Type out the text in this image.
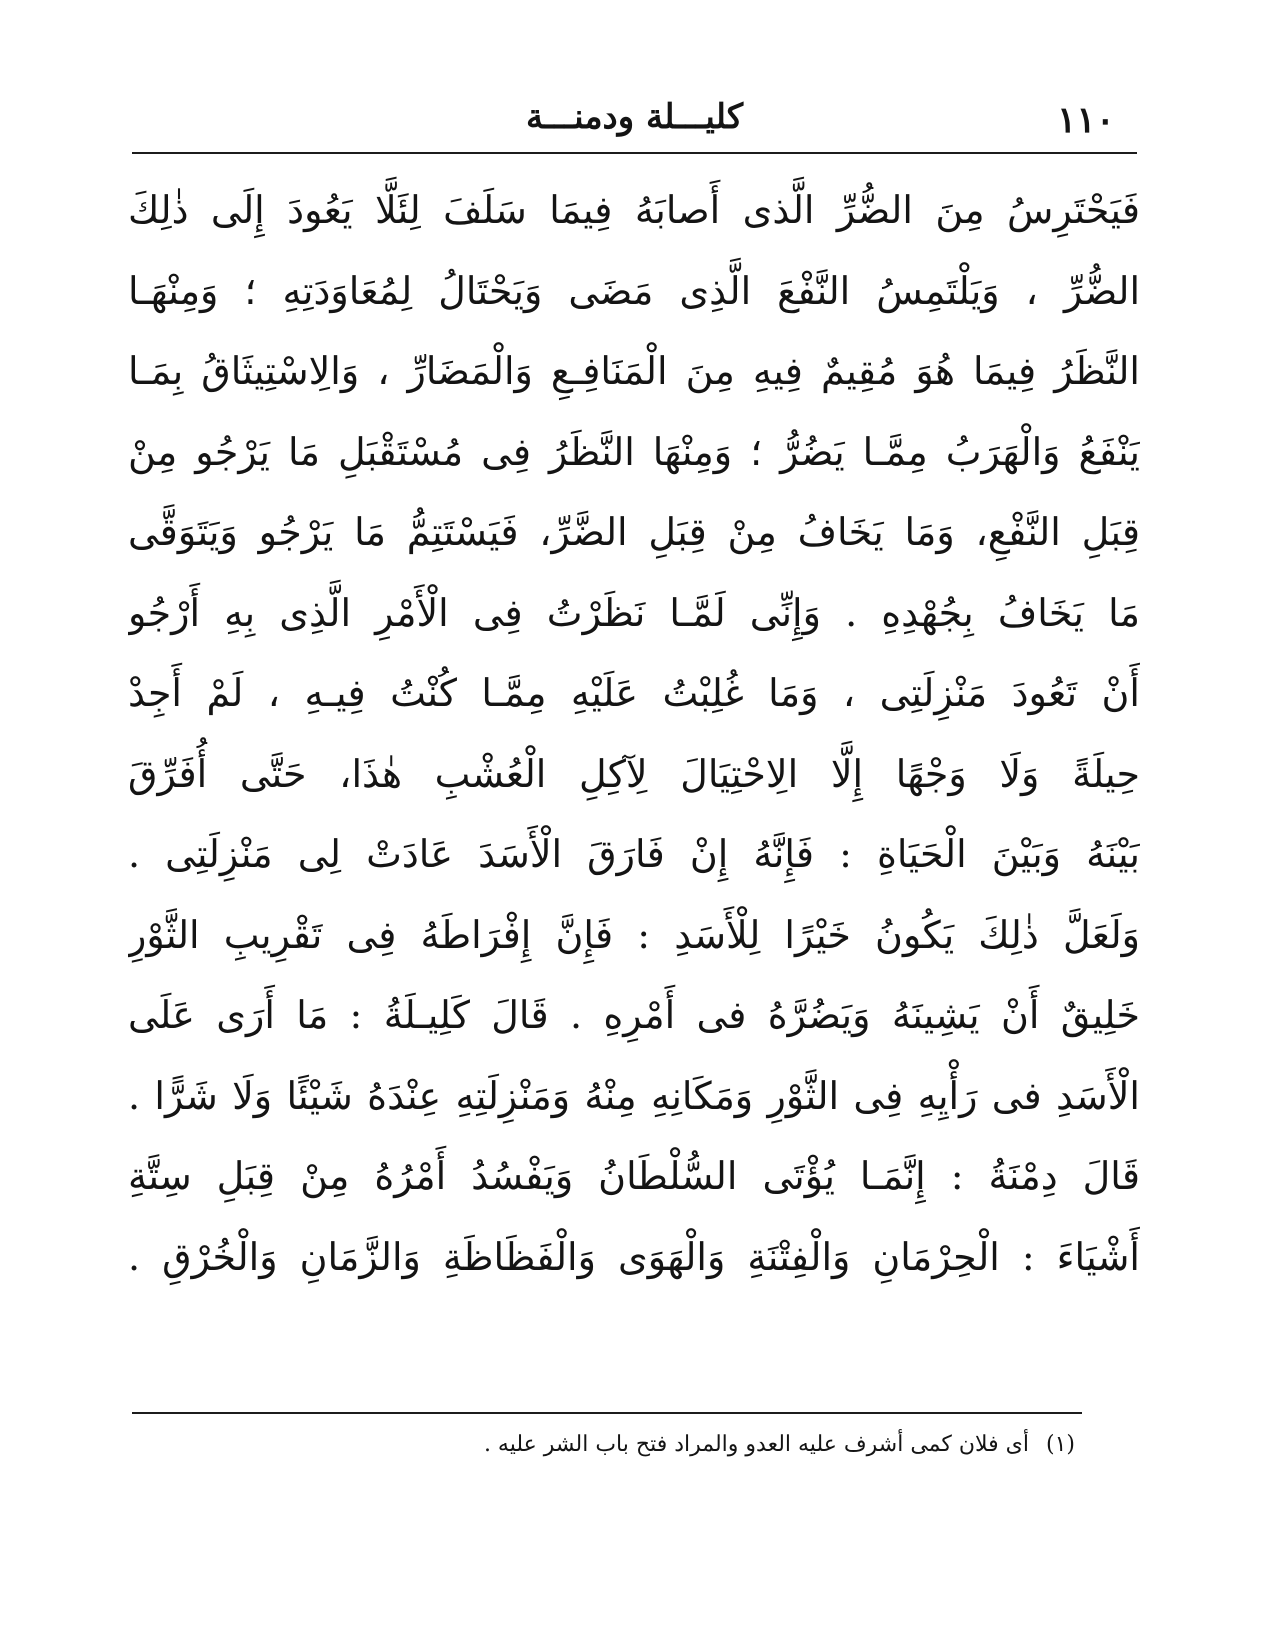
١١٠
كليـــلة ودمنـــة
فَيَحْتَرِسُ مِنَ الضُّرِّ الَّذى أَصابَهُ فِيمَا سَلَفَ لِئَلَّا يَعُودَ إِلَى ذٰلِكَ
الضُّرِّ ، وَيَلْتَمِسُ النَّفْعَ الَّذِى مَضَى وَيَحْتَالُ لِمُعَاوَدَتِهِ ؛ وَمِنْهَـا
النَّظَرُ فِيمَا هُوَ مُقِيمٌ فِيهِ مِنَ الْمَنَافِـعِ وَالْمَضَارِّ ، وَالِاسْتِيثَاقُ بِمَـا
يَنْفَعُ وَالْهَرَبُ مِمَّـا يَضُرُّ ؛ وَمِنْهَا النَّظَرُ فِى مُسْتَقْبَلِ مَا يَرْجُو مِنْ
قِبَلِ النَّفْعِ، وَمَا يَخَافُ مِنْ قِبَلِ الضَّرِّ، فَيَسْتَتِمُّ مَا يَرْجُو وَيَتَوَقَّى
مَا يَخَافُ بِجُهْدِهِ . وَإِنِّى لَمَّـا نَظَرْتُ فِى الْأَمْرِ الَّذِى بِهِ أَرْجُو
أَنْ تَعُودَ مَنْزِلَتِى ، وَمَا غُلِبْتُ عَلَيْهِ مِمَّـا كُنْتُ فِيـهِ ، لَمْ أَجِدْ
حِيلَةً وَلَا وَجْهًا إِلَّا الِاحْتِيَالَ لِآكِلِ الْعُشْبِ هٰذَا، حَتَّى أُفَرِّقَ
بَيْنَهُ وَبَيْنَ الْحَيَاةِ : فَإِنَّهُ إِنْ فَارَقَ الْأَسَدَ عَادَتْ لِى مَنْزِلَتِى .
وَلَعَلَّ ذٰلِكَ يَكُونُ خَيْرًا لِلْأَسَدِ : فَإِنَّ إِفْرَاطَهُ فِى تَقْرِيبِ الثَّوْرِ
خَلِيقٌ أَنْ يَشِينَهُ وَيَضُرَّهُ فى أَمْرِهِ . قَالَ كَلِيـلَةُ : مَا أَرَى عَلَى
الْأَسَدِ فى رَأْيِهِ فِى الثَّوْرِ وَمَكَانِهِ مِنْهُ وَمَنْزِلَتِهِ عِنْدَهُ شَيْئًا وَلَا شَرًّا .
قَالَ دِمْنَةُ : إِنَّمَـا يُؤْتَى السُّلْطَانُ وَيَفْسُدُ أَمْرُهُ مِنْ قِبَلِ سِتَّةِ
أَشْيَاءَ : الْحِرْمَانِ وَالْفِتْنَةِ وَالْهَوَى وَالْفَظَاظَةِ وَالزَّمَانِ وَالْخُرْقِ .
(١) أى فلان كمى أشرف عليه العدو والمراد فتح باب الشر عليه .
